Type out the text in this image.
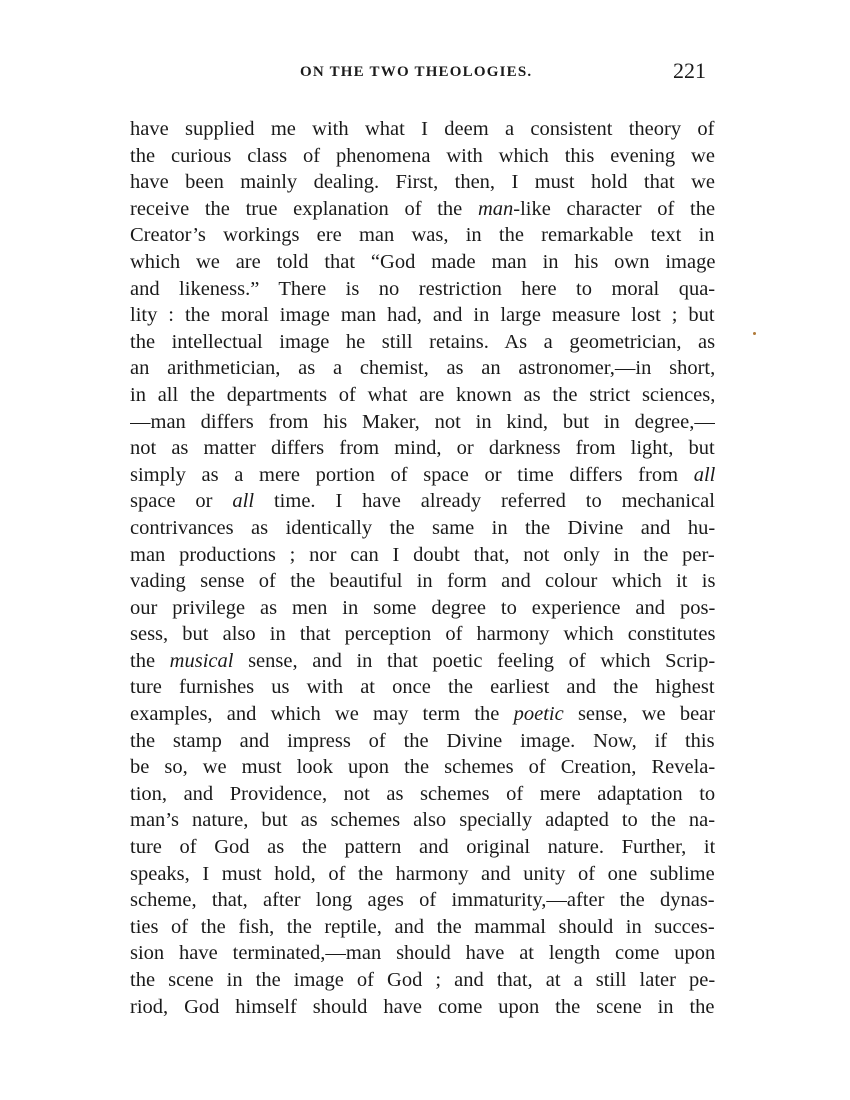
ON THE TWO THEOLOGIES.	221
have supplied me with what I deem a consistent theory of
the curious class of phenomena with which this evening we
have been mainly dealing. First, then, I must hold that we
receive the true explanation of the man-like character of the
Creator’s workings ere man was, in the remarkable text in
which we are told that “God made man in his own image
and likeness.” There is no restriction here to moral qua-
lity : the moral image man had, and in large measure lost ; but
the intellectual image he still retains. As a geometrician, as
an arithmetician, as a chemist, as an astronomer,—in short,
in all the departments of what are known as the strict sciences,
—man differs from his Maker, not in kind, but in degree,—
not as matter differs from mind, or darkness from light, but
simply as a mere portion of space or time differs from all
space or all time. I have already referred to mechanical
contrivances as identically the same in the Divine and hu-
man productions ; nor can I doubt that, not only in the per-
vading sense of the beautiful in form and colour which it is
our privilege as men in some degree to experience and pos-
sess, but also in that perception of harmony which constitutes
the musical sense, and in that poetic feeling of which Scrip-
ture furnishes us with at once the earliest and the highest
examples, and which we may term the poetic sense, we bear
the stamp and impress of the Divine image. Now, if this
be so, we must look upon the schemes of Creation, Revela-
tion, and Providence, not as schemes of mere adaptation to
man’s nature, but as schemes also specially adapted to the na-
ture of God as the pattern and original nature. Further, it
speaks, I must hold, of the harmony and unity of one sublime
scheme, that, after long ages of immaturity,—after the dynas-
ties of the fish, the reptile, and the mammal should in succes-
sion have terminated,—man should have at length come upon
the scene in the image of God ; and that, at a still later pe-
riod, God himself should have come upon the scene in the
